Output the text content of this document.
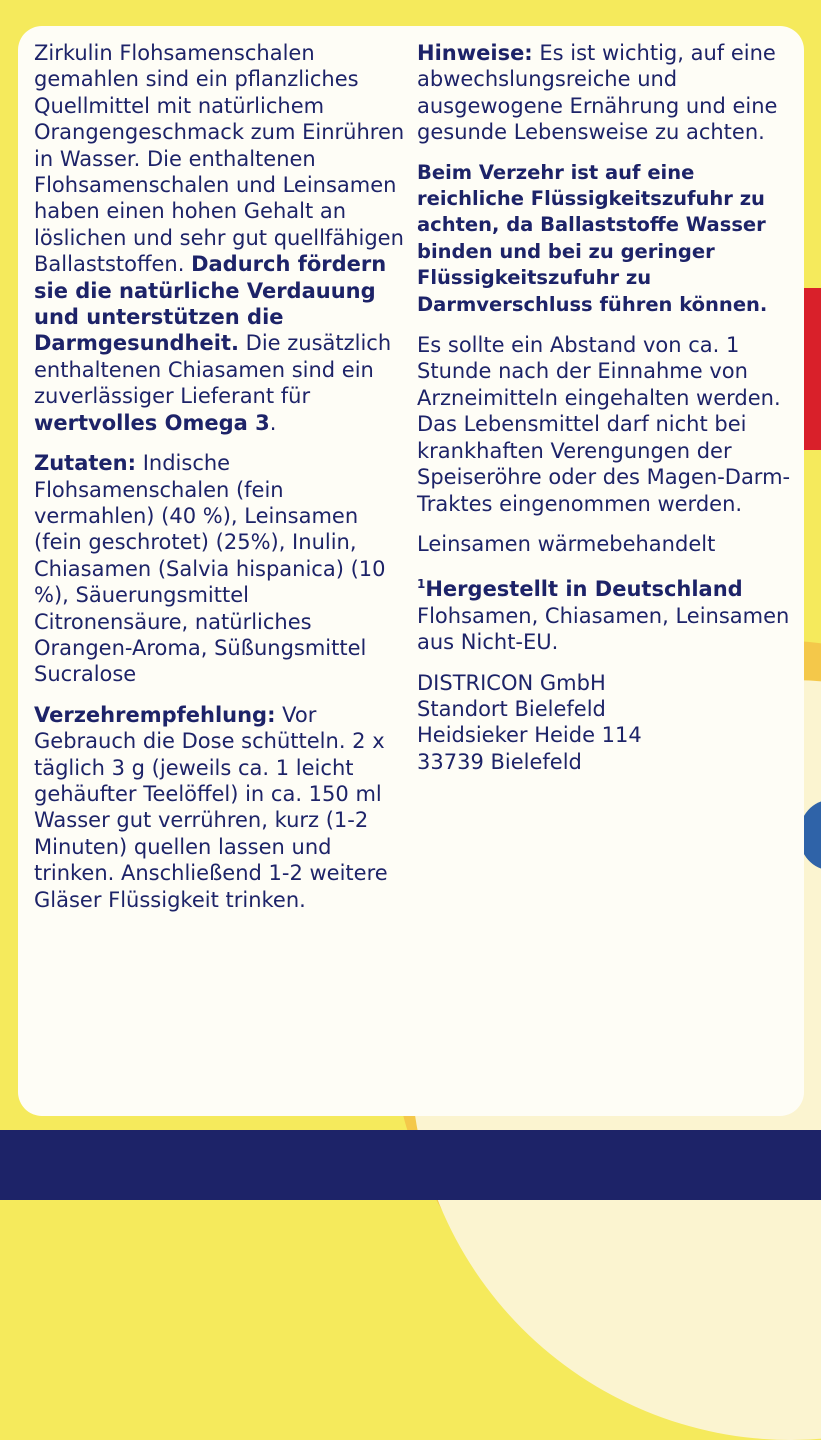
Zirkulin Flohsamenschalen gemahlen sind ein pflanzliches Quellmittel mit natürlichem Orangengeschmack zum Einrühren in Wasser. Die enthaltenen Flohsamenschalen und Leinsamen haben einen hohen Gehalt an löslichen und sehr gut quellfähigen Ballaststoffen. Dadurch fördern sie die natürliche Verdauung und unterstützen die Darmgesundheit. Die zusätzlich enthaltenen Chiasamen sind ein zuverlässiger Lieferant für wertvolles Omega 3.

Zutaten: Indische Flohsamenschalen (fein vermahlen) (40 %), Leinsamen (fein geschrotet) (25%), Inulin, Chiasamen (Salvia hispanica) (10 %), Säuerungsmittel Citronensäure, natürliches Orangen-Aroma, Süßungsmittel Sucralose

Verzehrempfehlung: Vor Gebrauch die Dose schütteln. 2 x täglich 3 g (jeweils ca. 1 leicht gehäufter Teelöffel) in ca. 150 ml Wasser gut verrühren, kurz (1-2 Minuten) quellen lassen und trinken. Anschließend 1-2 weitere Gläser Flüssigkeit trinken.

Hinweise: Es ist wichtig, auf eine abwechslungsreiche und ausgewogene Ernährung und eine gesunde Lebensweise zu achten.

Beim Verzehr ist auf eine reichliche Flüssigkeitszufuhr zu achten, da Ballaststoffe Wasser binden und bei zu geringer Flüssigkeitszufuhr zu Darmverschluss führen können.

Es sollte ein Abstand von ca. 1 Stunde nach der Einnahme von Arzneimitteln eingehalten werden. Das Lebensmittel darf nicht bei krankhaften Verengungen der Speiseröhre oder des Magen-Darm-Traktes eingenommen werden.

Leinsamen wärmebehandelt

$^1$Hergestellt in Deutschland
Flohsamen, Chiasamen, Leinsamen aus Nicht-EU.

DISTRICON GmbH
Standort Bielefeld
Heidsieker Heide 114
33739 Bielefeld
